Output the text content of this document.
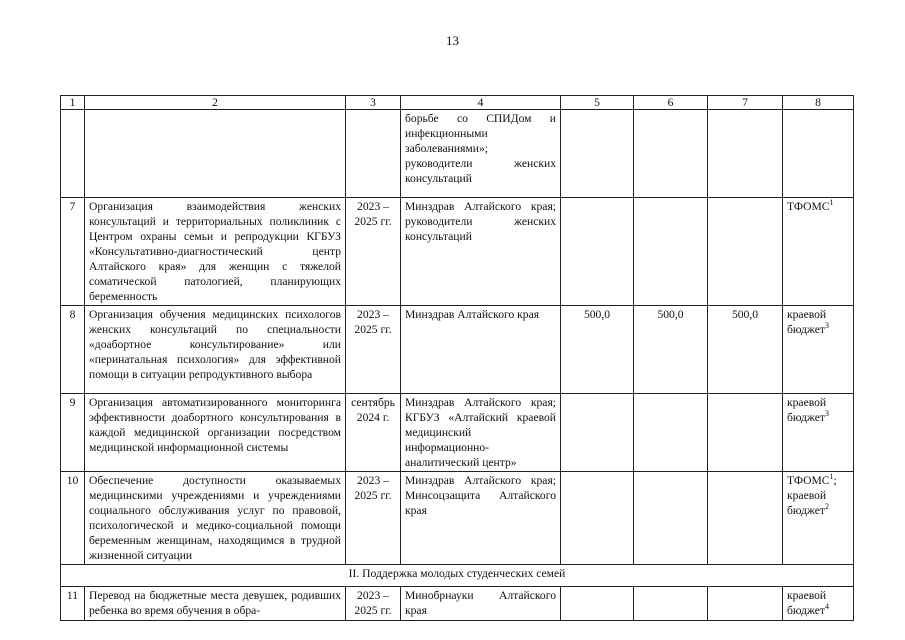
13
1	2	3	4	5	6	7	8
			борьбе со СПИДом и инфекционными заболеваниями»; руководители женских консультаций				
7	Организация взаимодействия женских консультаций и территориальных поликлиник с Центром охраны семьи и репродукции КГБУЗ «Консультативно-диагностический центр Алтайского края» для женщин с тяжелой соматической патологией, планирующих беременность	2023 – 2025 гг.	Минздрав Алтайского края; руководители женских консультаций				ТФОМС$^1$
8	Организация обучения медицинских психологов женских консультаций по специальности «доабортное консультирование» или «перинатальная психология» для эффективной помощи в ситуации репродуктивного выбора	2023 – 2025 гг.	Минздрав Алтайского края	500,0	500,0	500,0	краевой бюджет$^3$
9	Организация автоматизированного мониторинга эффективности доабортного консультирования в каждой медицинской организации посредством медицинской информационной системы	сентябрь 2024 г.	Минздрав Алтайского края; КГБУЗ «Алтайский краевой медицинский информационно-аналитический центр»				краевой бюджет$^3$
10	Обеспечение доступности оказываемых медицинскими учреждениями и учреждениями социального обслуживания услуг по правовой, психологической и медико-социальной помощи беременным женщинам, находящимся в трудной жизненной ситуации	2023 – 2025 гг.	Минздрав Алтайского края; Минсоцзащита Алтайского края				ТФОМС$^1$;
краевой бюджет$^2$

II. Поддержка молодых студенческих семей							
11	Перевод на бюджетные места девушек, родивших ребенка во время обучения в обра-	2023 – 2025 гг.	Минобрнауки Алтайского края				краевой бюджет$^4$
